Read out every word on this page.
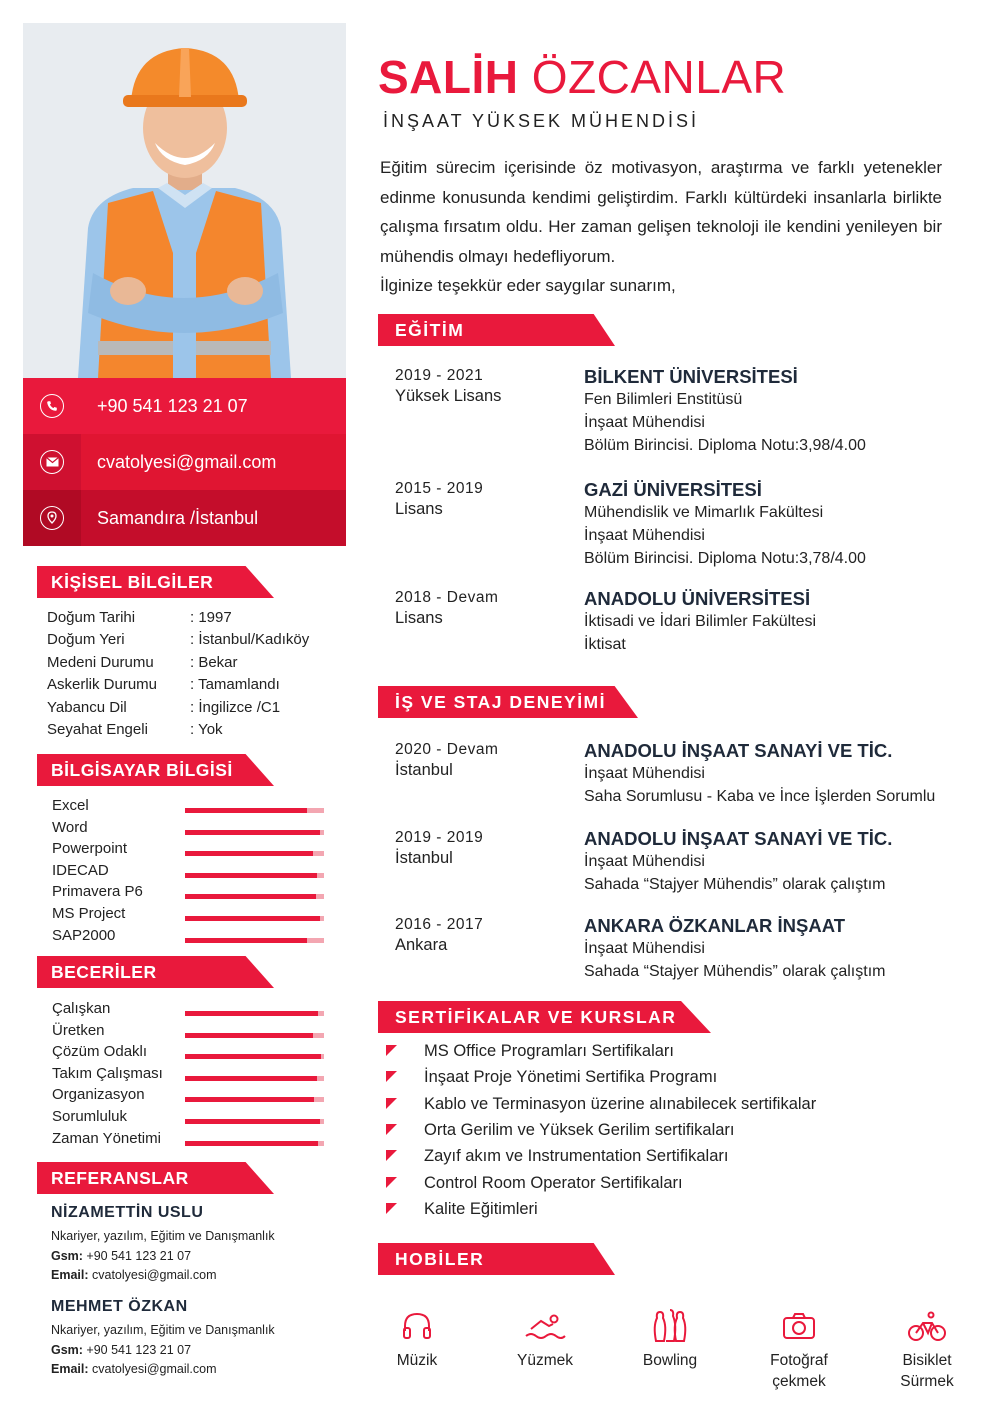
+90 541 123 21 07
cvatolyesi@gmail.com
Samandıra /İstanbul
KİŞİSEL BİLGİLER
Doğum Tarihi	: 1997
Doğum Yeri	: İstanbul/Kadıköy
Medeni Durumu : Bekar
Askerlik Durumu : Tamamlandı
Yabancu Dil	: İngilizce /C1
Seyahat Engeli	: Yok
BİLGİSAYAR BİLGİSİ
Excel
Word
Powerpoint
IDECAD
Primavera P6
MS Project
SAP2000
BECERİLER
Çalışkan
Üretken
Çözüm Odaklı
Takım Çalışması
Organizasyon
Sorumluluk
Zaman Yönetimi
REFERANSLAR
NİZAMETTİN USLU
Nkariyer, yazılım, Eğitim ve Danışmanlık
Gsm: +90 541 123 21 07
Email: cvatolyesi@gmail.com
MEHMET ÖZKAN
Nkariyer, yazılım, Eğitim ve Danışmanlık
Gsm: +90 541 123 21 07
Email: cvatolyesi@gmail.com
SALİH ÖZCANLAR
İNŞAAT YÜKSEK MÜHENDİSİ
Eğitim sürecim içerisinde öz motivasyon, araştırma ve farklı yetenekler edinme konusunda kendimi geliştirdim. Farklı kültürdeki insanlarla birlikte çalışma fırsatım oldu. Her zaman gelişen teknoloji ile kendini yenileyen bir mühendis olmayı hedefliyorum.
İlginize teşekkür eder saygılar sunarım,
EĞİTİM
2019 - 2021
Yüksek Lisans
BİLKENT ÜNİVERSİTESİ
Fen Bilimleri Enstitüsü
İnşaat Mühendisi
Bölüm Birincisi. Diploma Notu:3,98/4.00
2015 - 2019
Lisans
GAZİ ÜNİVERSİTESİ
Mühendislik ve Mimarlık Fakültesi
İnşaat Mühendisi
Bölüm Birincisi. Diploma Notu:3,78/4.00
2018 - Devam
Lisans
ANADOLU ÜNİVERSİTESİ
İktisadi ve İdari Bilimler Fakültesi
İktisat
İŞ VE STAJ DENEYİMİ
2020 - Devam
İstanbul
ANADOLU İNŞAAT SANAYİ VE TİC.
İnşaat Mühendisi
Saha Sorumlusu - Kaba ve İnce İşlerden Sorumlu
2019 - 2019
İstanbul
ANADOLU İNŞAAT SANAYİ VE TİC.
İnşaat Mühendisi
Sahada “Stajyer Mühendis” olarak çalıştım
2016 - 2017
Ankara
ANKARA ÖZKANLAR İNŞAAT
İnşaat Mühendisi
Sahada “Stajyer Mühendis” olarak çalıştım
SERTİFİKALAR VE KURSLAR
MS Office Programları Sertifikaları
İnşaat Proje Yönetimi Sertifika Programı
Kablo ve Terminasyon üzerine alınabilecek sertifikalar
Orta Gerilim ve Yüksek Gerilim sertifikaları
Zayıf akım ve Instrumentation Sertifikaları
Control Room Operator Sertifikaları
Kalite Eğitimleri
HOBİLER
Müzik	Yüzmek	Bowling	Fotoğraf
çekmek
Bisiklet
Sürmek
